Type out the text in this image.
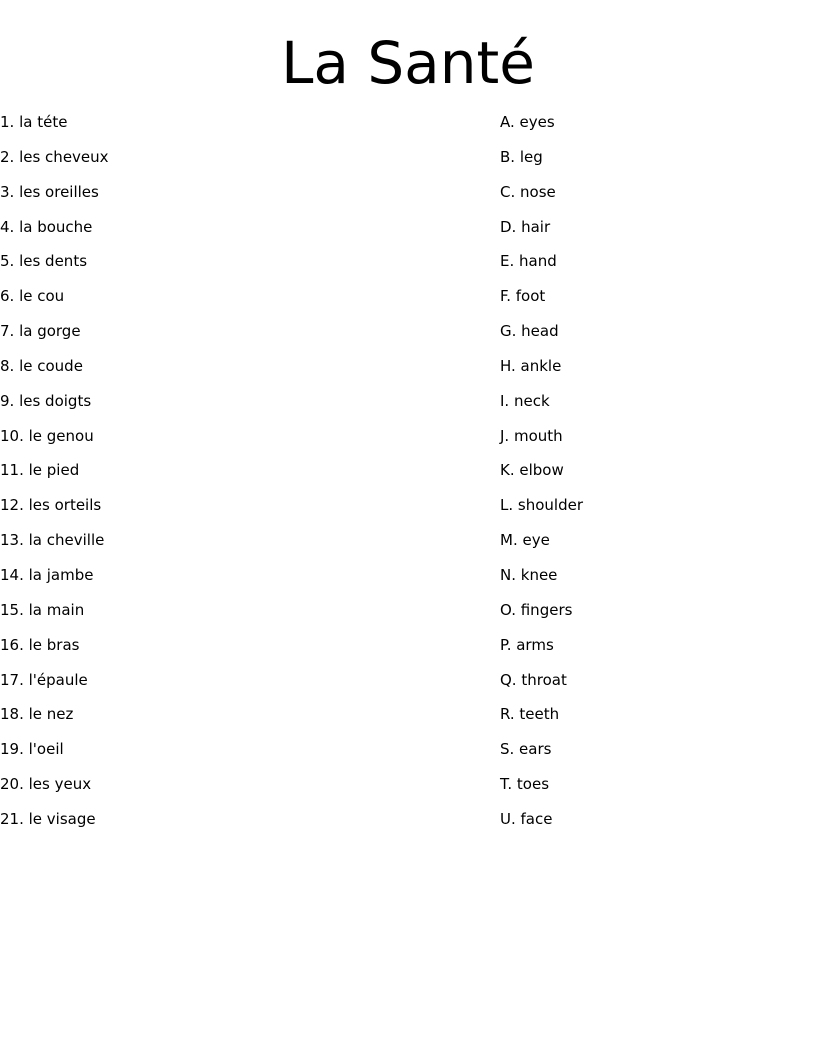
La Santé
1. la téte
2. les cheveux
3. les oreilles
4. la bouche
5. les dents
6. le cou
7. la gorge
8. le coude
9. les doigts
10. le genou
11. le pied
12. les orteils
13. la cheville
14. la jambe
15. la main
16. le bras
17. l'épaule
18. le nez
19. l'oeil
20. les yeux
21. le visage
A. eyes
B. leg
C. nose
D. hair
E. hand
F. foot
G. head
H. ankle
I. neck
J. mouth
K. elbow
L. shoulder
M. eye
N. knee
O. fingers
P. arms
Q. throat
R. teeth
S. ears
T. toes
U. face
